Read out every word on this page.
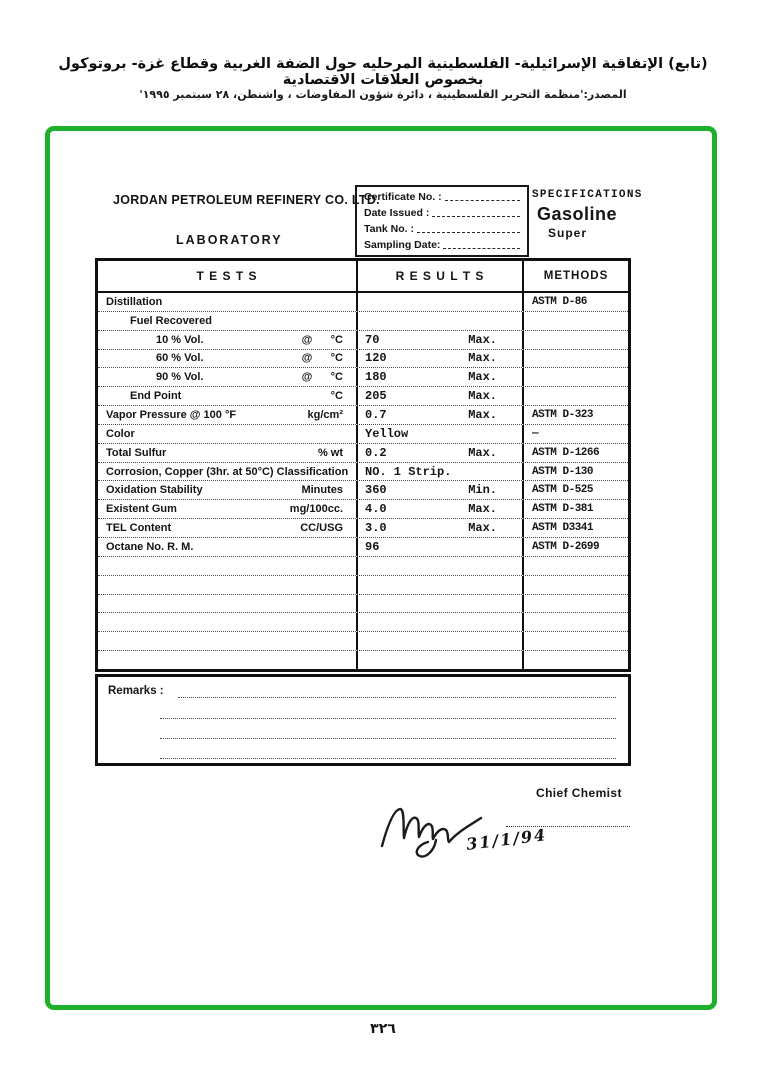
(تابع) الإتفاقية الإسرائيلية- الفلسطينية المرحليه حول الضفة الغربية وقطاع غزة- بروتوكول بخصوص العلاقات الاقتصادية
المصدر:'منظمة التحرير الفلسطينية ، دائرة شؤون المفاوضات ، واشنطن، ٢٨ سبتمبر ١٩٩٥'
JORDAN PETROLEUM REFINERY CO. LTD.
LABORATORY
Certificate No. :
Date Issued :
Tank No. :
Sampling Date:
SPECIFICATIONS
Gasoline
Super
T E S T S	R E S U L T S	METHODS
Distillation	ASTM D-86
Fuel Recovered
10 % Vol.	@      °C	70	Max.
60 % Vol.	@      °C	120	Max.
90 % Vol.	@      °C	180	Max.
End Point	°C	205	Max.
Vapor Pressure @ 100 °F	kg/cm²	0.7	Max.	ASTM D-323
Color	Yellow	—
Total Sulfur	% wt	0.2	Max.	ASTM D-1266
Corrosion, Copper (3hr. at 50°C) Classification	NO. 1 Strip.	ASTM D-130
Oxidation Stability	Minutes	360	Min.	ASTM D-525
Existent Gum	mg/100cc.	4.0	Max.	ASTM D-381
TEL Content	CC/USG	3.0	Max.	ASTM D3341
Octane No. R. M.	96	ASTM D-2699
Remarks :
Chief Chemist
31/1/94
٣٢٦
